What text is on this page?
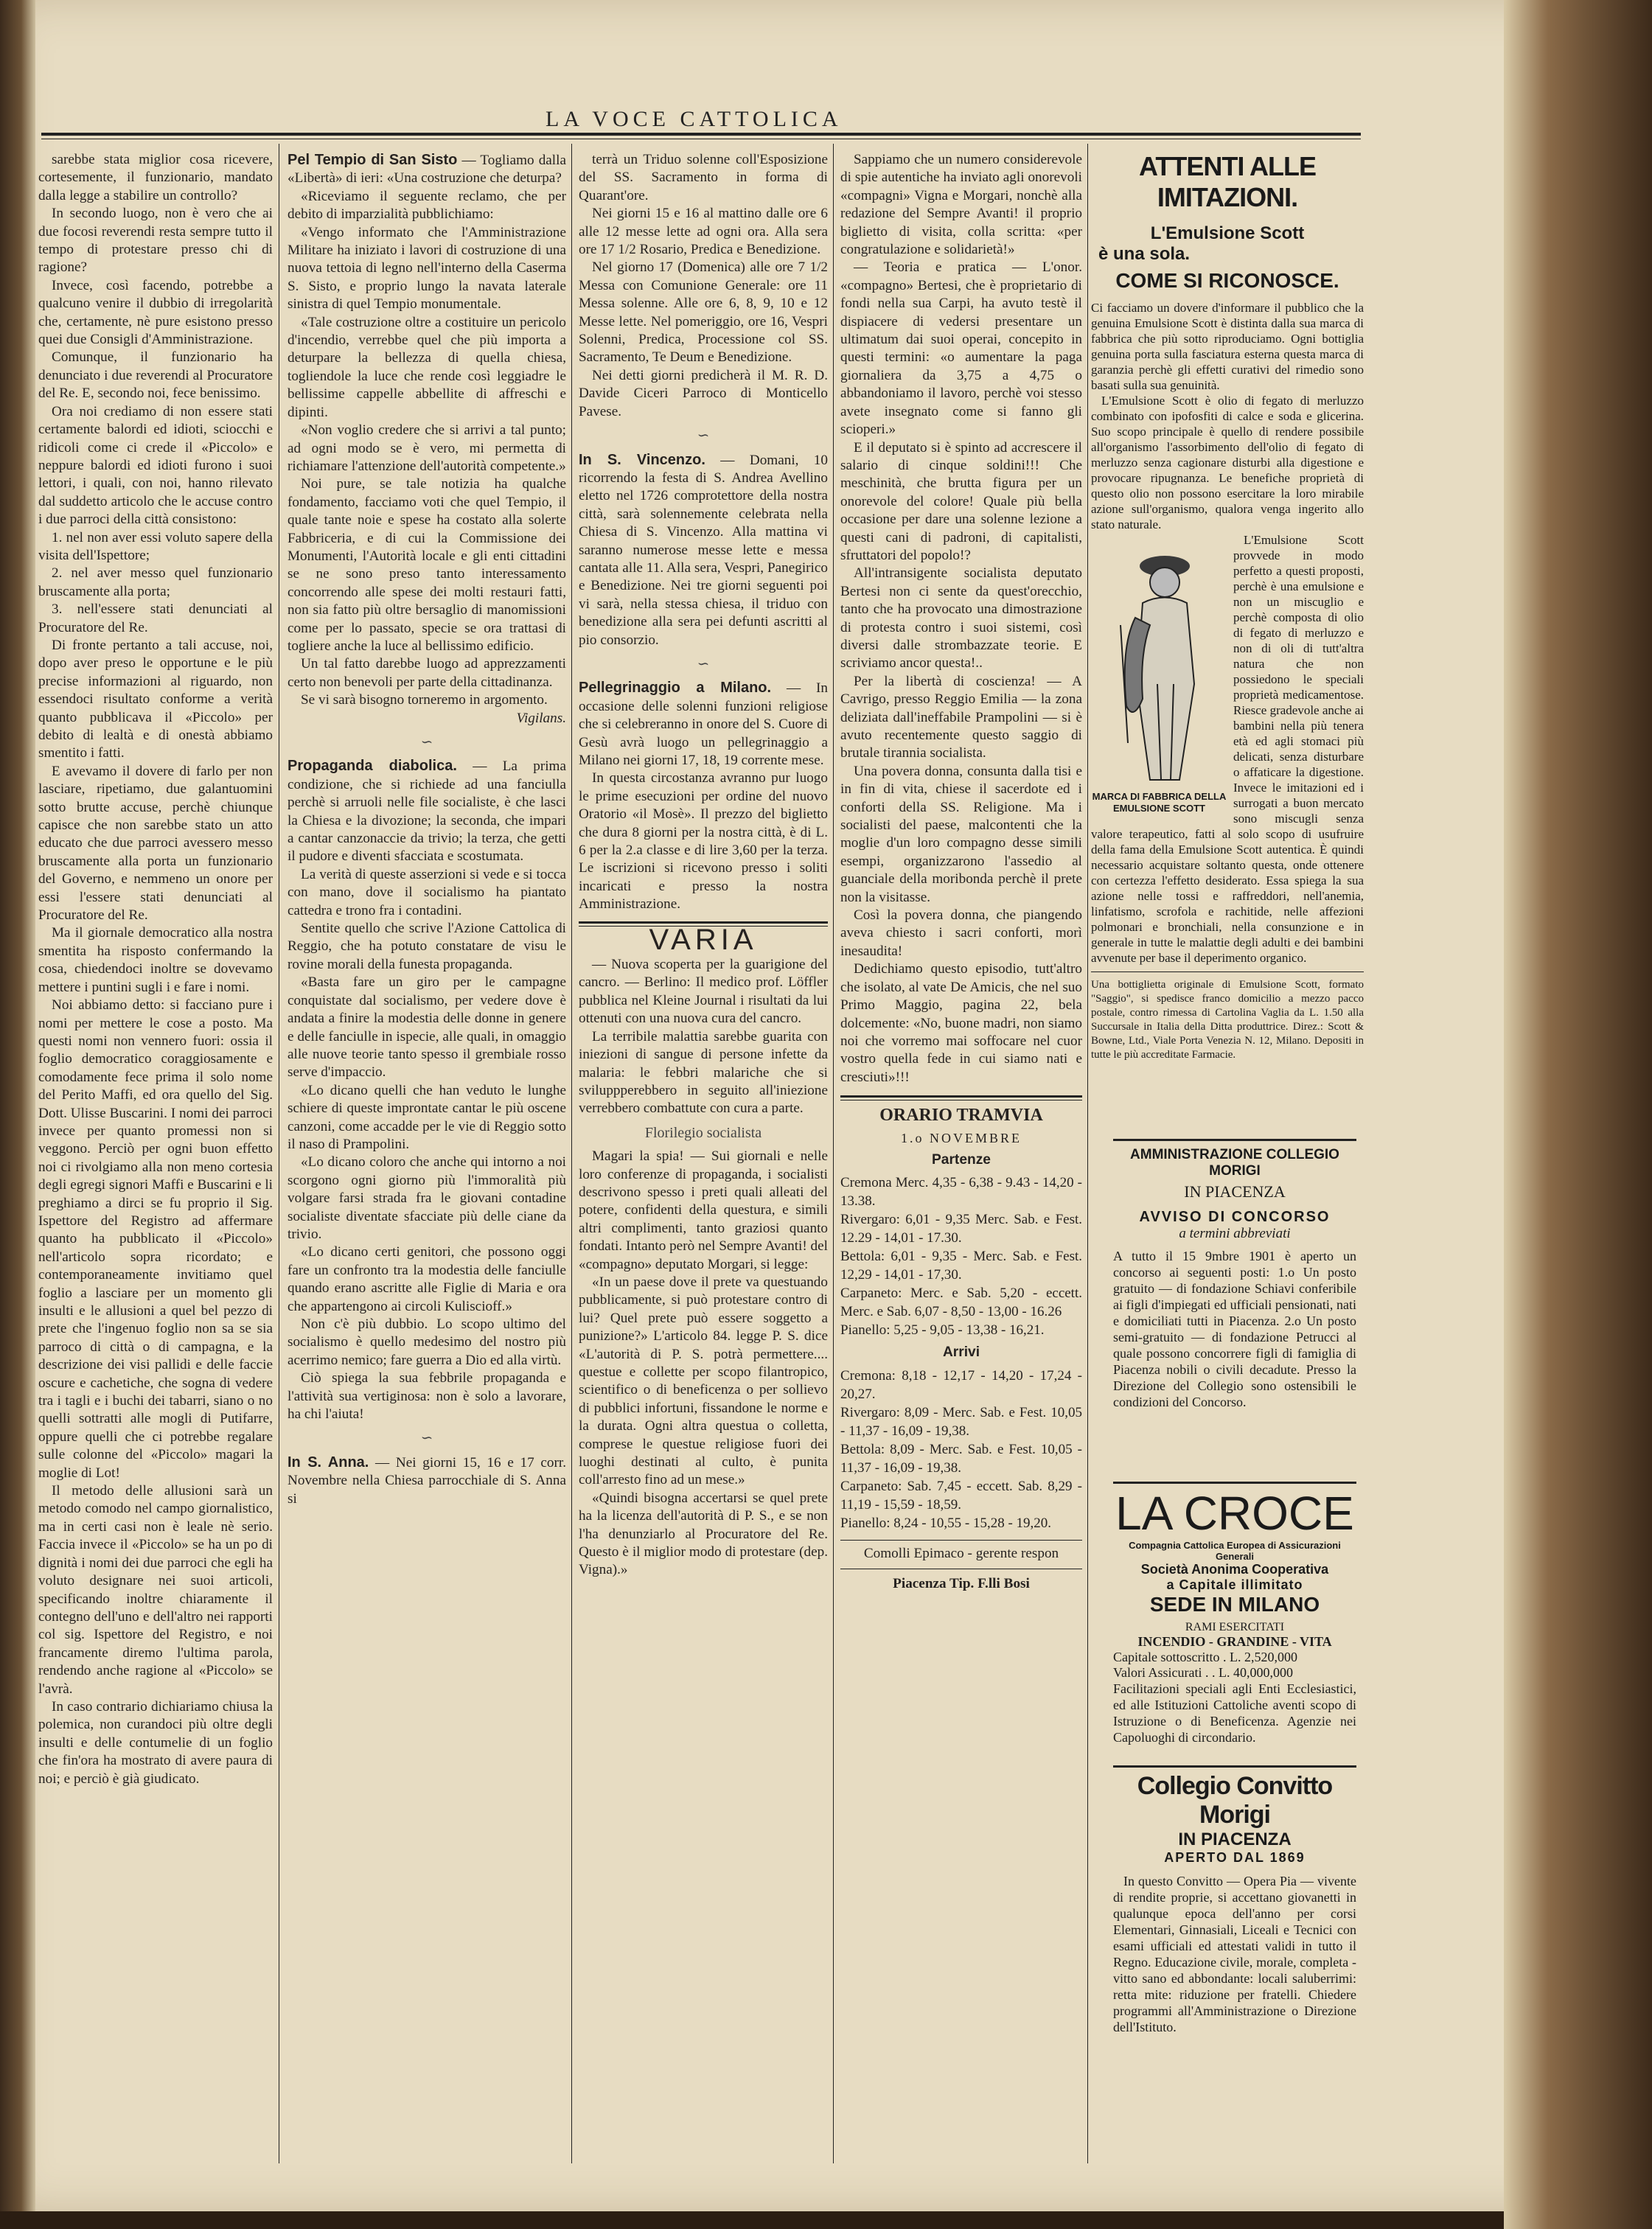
LA VOCE CATTOLICA

sarebbe stata miglior cosa ricevere, cortesemente, il funzionario, mandato dalla legge a stabilire un controllo?

In secondo luogo, non è vero che ai due focosi reverendi resta sempre tutto il tempo di protestare presso chi di ragione?

Invece, così facendo, potrebbe a qualcuno venire il dubbio di irregolarità che, certamente, nè pure esistono presso quei due Consigli d'Amministrazione.

Comunque, il funzionario ha denunciato i due reverendi al Procuratore del Re. E, secondo noi, fece benissimo.

Ora noi crediamo di non essere stati certamente balordi ed idioti, sciocchi e ridicoli come ci crede il «Piccolo» e neppure balordi ed idioti furono i suoi lettori, i quali, con noi, hanno rilevato dal suddetto articolo che le accuse contro i due parroci della città consistono:

1. nel non aver essi voluto sapere della visita dell'Ispettore;

2. nel aver messo quel funzionario bruscamente alla porta;

3. nell'essere stati denunciati al Procuratore del Re.

Di fronte pertanto a tali accuse, noi, dopo aver preso le opportune e le più precise informazioni al riguardo, non essendoci risultato conforme a verità quanto pubblicava il «Piccolo» per debito di lealtà e di onestà abbiamo smentito i fatti.

E avevamo il dovere di farlo per non lasciare, ripetiamo, due galantuomini sotto brutte accuse, perchè chiunque capisce che non sarebbe stato un atto educato che due parroci avessero messo bruscamente alla porta un funzionario del Governo, e nemmeno un onore per essi l'essere stati denunciati al Procuratore del Re.

Ma il giornale democratico alla nostra smentita ha risposto confermando la cosa, chiedendoci inoltre se dovevamo mettere i puntini sugli i e fare i nomi.

Noi abbiamo detto: si facciano pure i nomi per mettere le cose a posto. Ma questi nomi non vennero fuori: ossia il foglio democratico coraggiosamente e comodamente fece prima il solo nome del Perito Maffi, ed ora quello del Sig. Dott. Ulisse Buscarini. I nomi dei parroci invece per quanto promessi non si veggono. Perciò per ogni buon effetto noi ci rivolgiamo alla non meno cortesia degli egregi signori Maffi e Buscarini e li preghiamo a dirci se fu proprio il Sig. Ispettore del Registro ad affermare quanto ha pubblicato il «Piccolo» nell'articolo sopra ricordato; e contemporaneamente invitiamo quel foglio a lasciare per un momento gli insulti e le allusioni a quel bel pezzo di prete che l'ingenuo foglio non sa se sia parroco di città o di campagna, e la descrizione dei visi pallidi e delle faccie oscure e cachetiche, che sogna di vedere tra i tagli e i buchi dei tabarri, siano o no quelli sottratti alle mogli di Putifarre, oppure quelli che ci potrebbe regalare sulle colonne del «Piccolo» magari la moglie di Lot!

Il metodo delle allusioni sarà un metodo comodo nel campo giornalistico, ma in certi casi non è leale nè serio. Faccia invece il «Piccolo» se ha un po di dignità i nomi dei due parroci che egli ha voluto designare nei suoi articoli, specificando inoltre chiaramente il contegno dell'uno e dell'altro nei rapporti col sig. Ispettore del Registro, e noi francamente diremo l'ultima parola, rendendo anche ragione al «Piccolo» se l'avrà.

In caso contrario dichiariamo chiusa la polemica, non curandoci più oltre degli insulti e delle contumelie di un foglio che fin'ora ha mostrato di avere paura di noi; e perciò è già giudicato.

Pel Tempio di San Sisto — Togliamo dalla «Libertà» di ieri: «Una costruzione che deturpa?

«Riceviamo il seguente reclamo, che per debito di imparzialità pubblichiamo:

«Vengo informato che l'Amministrazione Militare ha iniziato i lavori di costruzione di una nuova tettoia di legno nell'interno della Caserma S. Sisto, e proprio lungo la navata laterale sinistra di quel Tempio monumentale.

«Tale costruzione oltre a costituire un pericolo d'incendio, verrebbe quel che più importa a deturpare la bellezza di quella chiesa, togliendole la luce che rende così leggiadre le bellissime cappelle abbellite di affreschi e dipinti.

«Non voglio credere che si arrivi a tal punto; ad ogni modo se è vero, mi permetta di richiamare l'attenzione dell'autorità competente.»

Noi pure, se tale notizia ha qualche fondamento, facciamo voti che quel Tempio, il quale tante noie e spese ha costato alla solerte Fabbriceria, e di cui la Commissione dei Monumenti, l'Autorità locale e gli enti cittadini se ne sono preso tanto interessamento concorrendo alle spese dei molti restauri fatti, non sia fatto più oltre bersaglio di manomissioni come per lo passato, specie se ora trattasi di togliere anche la luce al bellissimo edificio.

Un tal fatto darebbe luogo ad apprezzamenti certo non benevoli per parte della cittadinanza.

Se vi sarà bisogno torneremo in argomento.

Vigilans.

∽

Propaganda diabolica. — La prima condizione, che si richiede ad una fanciulla perchè si arruoli nelle file socialiste, è che lasci la Chiesa e la divozione; la seconda, che impari a cantar canzonaccie da trivio; la terza, che getti il pudore e diventi sfacciata e scostumata.

La verità di queste asserzioni si vede e si tocca con mano, dove il socialismo ha piantato cattedra e trono fra i contadini.

Sentite quello che scrive l'Azione Cattolica di Reggio, che ha potuto constatare de visu le rovine morali della funesta propaganda.

«Basta fare un giro per le campagne conquistate dal socialismo, per vedere dove è andata a finire la modestia delle donne in genere e delle fanciulle in ispecie, alle quali, in omaggio alle nuove teorie tanto spesso il grembiale rosso serve d'impaccio.

«Lo dicano quelli che han veduto le lunghe schiere di queste improntate cantar le più oscene canzoni, come accadde per le vie di Reggio sotto il naso di Prampolini.

«Lo dicano coloro che anche qui intorno a noi scorgono ogni giorno più l'immoralità più volgare farsi strada fra le giovani contadine socialiste diventate sfacciate più delle ciane da trivio.

«Lo dicano certi genitori, che possono oggi fare un confronto tra la modestia delle fanciulle quando erano ascritte alle Figlie di Maria e ora che appartengono ai circoli Kuliscioff.»

Non c'è più dubbio. Lo scopo ultimo del socialismo è quello medesimo del nostro più acerrimo nemico; fare guerra a Dio ed alla virtù.

Ciò spiega la sua febbrile propaganda e l'attività sua vertiginosa: non è solo a lavorare, ha chi l'aiuta!

∽

In S. Anna. — Nei giorni 15, 16 e 17 corr. Novembre nella Chiesa parrocchiale di S. Anna si

terrà un Triduo solenne coll'Esposizione del SS. Sacramento in forma di Quarant'ore.

Nei giorni 15 e 16 al mattino dalle ore 6 alle 12 messe lette ad ogni ora. Alla sera ore 17 1/2 Rosario, Predica e Benedizione.

Nel giorno 17 (Domenica) alle ore 7 1/2 Messa con Comunione Generale: ore 11 Messa solenne. Alle ore 6, 8, 9, 10 e 12 Messe lette. Nel pomeriggio, ore 16, Vespri Solenni, Predica, Processione col SS. Sacramento, Te Deum e Benedizione.

Nei detti giorni predicherà il M. R. D. Davide Ciceri Parroco di Monticello Pavese.

∽

In S. Vincenzo. — Domani, 10 ricorrendo la festa di S. Andrea Avellino eletto nel 1726 comprotettore della nostra città, sarà solennemente celebrata nella Chiesa di S. Vincenzo. Alla mattina vi saranno numerose messe lette e messa cantata alle 11. Alla sera, Vespri, Panegirico e Benedizione. Nei tre giorni seguenti poi vi sarà, nella stessa chiesa, il triduo con benedizione alla sera pei defunti ascritti al pio consorzio.

∽

Pellegrinaggio a Milano. — In occasione delle solenni funzioni religiose che si celebreranno in onore del S. Cuore di Gesù avrà luogo un pellegrinaggio a Milano nei giorni 17, 18, 19 corrente mese.

In questa circostanza avranno pur luogo le prime esecuzioni per ordine del nuovo Oratorio «il Mosè». Il prezzo del biglietto che dura 8 giorni per la nostra città, è di L. 6 per la 2.a classe e di lire 3,60 per la terza. Le iscrizioni si ricevono presso i soliti incaricati e presso la nostra Amministrazione.

VARIA

— Nuova scoperta per la guarigione del cancro. — Berlino: Il medico prof. Löffler pubblica nel Kleine Journal i risultati da lui ottenuti con una nuova cura del cancro.

La terribile malattia sarebbe guarita con iniezioni di sangue di persone infette da malaria: le febbri malariche che si sviluppperebbero in seguito all'iniezione verrebbero combattute con cura a parte.

Florilegio socialista

Magari la spia! — Sui giornali e nelle loro conferenze di propaganda, i socialisti descrivono spesso i preti quali alleati del potere, confidenti della questura, e simili altri complimenti, tanto graziosi quanto fondati. Intanto però nel Sempre Avanti! del «compagno» deputato Morgari, si legge:

«In un paese dove il prete va questuando pubblicamente, si può protestare contro di lui? Quel prete può essere soggetto a punizione?» L'articolo 84. legge P. S. dice «L'autorità di P. S. potrà permettere.... questue e collette per scopo filantropico, scientifico o di beneficenza o per sollievo di pubblici infortuni, fissandone le norme e la durata. Ogni altra questua o colletta, comprese le questue religiose fuori dei luoghi destinati al culto, è punita coll'arresto fino ad un mese.»

«Quindi bisogna accertarsi se quel prete ha la licenza dell'autorità di P. S., e se non l'ha denunziarlo al Procuratore del Re. Questo è il miglior modo di protestare (dep. Vigna).»

Sappiamo che un numero considerevole di spie autentiche ha inviato agli onorevoli «compagni» Vigna e Morgari, nonchè alla redazione del Sempre Avanti! il proprio biglietto di visita, colla scritta: «per congratulazione e solidarietà!»

— Teoria e pratica — L'onor. «compagno» Bertesi, che è proprietario di fondi nella sua Carpi, ha avuto testè il dispiacere di vedersi presentare un ultimatum dai suoi operai, concepito in questi termini: «o aumentare la paga giornaliera da 3,75 a 4,75 o abbandoniamo il lavoro, perchè voi stesso avete insegnato come si fanno gli scioperi.»

E il deputato si è spinto ad accrescere il salario di cinque soldini!!! Che meschinità, che brutta figura per un onorevole del colore! Quale più bella occasione per dare una solenne lezione a questi cani di padroni, di capitalisti, sfruttatori del popolo!?

All'intransigente socialista deputato Bertesi non ci sente da quest'orecchio, tanto che ha provocato una dimostrazione di protesta contro i suoi sistemi, così diversi dalle strombazzate teorie. E scriviamo ancor questa!..

Per la libertà di coscienza! — A Cavrigo, presso Reggio Emilia — la zona deliziata dall'ineffabile Prampolini — si è avuto recentemente questo saggio di brutale tirannia socialista.

Una povera donna, consunta dalla tisi e in fin di vita, chiese il sacerdote ed i conforti della SS. Religione. Ma i socialisti del paese, malcontenti che la moglie d'un loro compagno desse simili esempi, organizzarono l'assedio al guanciale della moribonda perchè il prete non la visitasse.

Così la povera donna, che piangendo aveva chiesto i sacri conforti, morì inesaudita!

Dedichiamo questo episodio, tutt'altro che isolato, al vate De Amicis, che nel suo Primo Maggio, pagina 22, bela dolcemente: «No, buone madri, non siamo noi che vorremo mai soffocare nel cuor vostro quella fede in cui siamo nati e cresciuti»!!!

ORARIO TRAMVIA
1.o NOVEMBRE
Partenze
Cremona Merc. 4,35 - 6,38 - 9.43 - 14,20 - 13.38.
Rivergaro: 6,01 - 9,35 Merc. Sab. e Fest. 12.29 - 14,01 - 17.30.
Bettola: 6,01 - 9,35 - Merc. Sab. e Fest. 12,29 - 14,01 - 17,30.
Carpaneto: Merc. e Sab. 5,20 - eccett. Merc. e Sab. 6,07 - 8,50 - 13,00 - 16.26
Pianello: 5,25 - 9,05 - 13,38 - 16,21.
Arrivi
Cremona: 8,18 - 12,17 - 14,20 - 17,24 - 20,27.
Rivergaro: 8,09 - Merc. Sab. e Fest. 10,05 - 11,37 - 16,09 - 19,38.
Bettola: 8,09 - Merc. Sab. e Fest. 10,05 - 11,37 - 16,09 - 19,38.
Carpaneto: Sab. 7,45 - eccett. Sab. 8,29 - 11,19 - 15,59 - 18,59.
Pianello: 8,24 - 10,55 - 15,28 - 19,20.
Comolli Epimaco - gerente respon
Piacenza Tip. F.lli Bosi
ATTENTI ALLE IMITAZIONI.
L'Emulsione Scott
è una sola.
COME SI RICONOSCE.
Ci facciamo un dovere d'informare il pubblico che la genuina Emulsione Scott è distinta dalla sua marca di fabbrica che più sotto riproduciamo. Ogni bottiglia genuina porta sulla fasciatura esterna questa marca di garanzia perchè gli effetti curativi del rimedio sono basati sulla sua genuinità.
L'Emulsione Scott è olio di fegato di merluzzo combinato con ipofosfiti di calce e soda e glicerina. Suo scopo principale è quello di rendere possibile all'organismo l'assorbimento dell'olio di fegato di merluzzo senza cagionare disturbi alla digestione e provocare ripugnanza. Le benefiche proprietà di questo olio non possono esercitare la loro mirabile azione sull'organismo, qualora venga ingerito allo stato naturale.
MARCA DI FABBRICA DELLA EMULSIONE SCOTT
L'Emulsione Scott provvede in modo perfetto a questi proposti, perchè è una emulsione e non un miscuglio e perchè composta di olio di fegato di merluzzo e non di oli di tutt'altra natura che non possiedono le speciali proprietà medicamentose. Riesce gradevole anche ai bambini nella più tenera età ed agli stomaci più delicati, senza disturbare o affaticare la digestione. Invece le imitazioni ed i surrogati a buon mercato sono miscugli senza valore terapeutico, fatti al solo scopo di usufruire della fama della Emulsione Scott autentica. È quindi necessario acquistare soltanto questa, onde ottenere con certezza l'effetto desiderato. Essa spiega la sua azione nelle tossi e raffreddori, nell'anemia, linfatismo, scrofola e rachitide, nelle affezioni polmonari e bronchiali, nella consunzione e in generale in tutte le malattie degli adulti e dei bambini avvenute per base il deperimento organico.
Una bottiglietta originale di Emulsione Scott, formato "Saggio", si spedisce franco domicilio a mezzo pacco postale, contro rimessa di Cartolina Vaglia da L. 1.50 alla Succursale in Italia della Ditta produttrice. Direz.: Scott & Bowne, Ltd., Viale Porta Venezia N. 12, Milano. Depositi in tutte le più accreditate Farmacie.
AMMINISTRAZIONE COLLEGIO MORIGI
IN PIACENZA
AVVISO DI CONCORSO
a termini abbreviati
A tutto il 15 9mbre 1901 è aperto un concorso ai seguenti posti: 1.o Un posto gratuito — di fondazione Schiavi conferibile ai figli d'impiegati ed ufficiali pensionati, nati e domiciliati tutti in Piacenza. 2.o Un posto semi-gratuito — di fondazione Petrucci al quale possono concorrere figli di famiglia di Piacenza nobili o civili decadute. Presso la Direzione del Collegio sono ostensibili le condizioni del Concorso.
LA CROCE
Compagnia Cattolica Europea di Assicurazioni Generali
Società Anonima Cooperativa
a Capitale illimitato
SEDE IN MILANO
RAMI ESERCITATI
INCENDIO - GRANDINE - VITA
Capitale sottoscritto . L. 2,520,000
Valori Assicurati . . L. 40,000,000
Facilitazioni speciali agli Enti Ecclesiastici, ed alle Istituzioni Cattoliche aventi scopo di Istruzione o di Beneficenza. Agenzie nei Capoluoghi di circondario.
Collegio Convitto Morigi
IN PIACENZA
APERTO DAL 1869
In questo Convitto — Opera Pia — vivente di rendite proprie, si accettano giovanetti in qualunque epoca dell'anno per corsi Elementari, Ginnasiali, Liceali e Tecnici con esami ufficiali ed attestati validi in tutto il Regno. Educazione civile, morale, completa - vitto sano ed abbondante: locali saluberrimi: retta mite: riduzione per fratelli. Chiedere programmi all'Amministrazione o Direzione dell'Istituto.
